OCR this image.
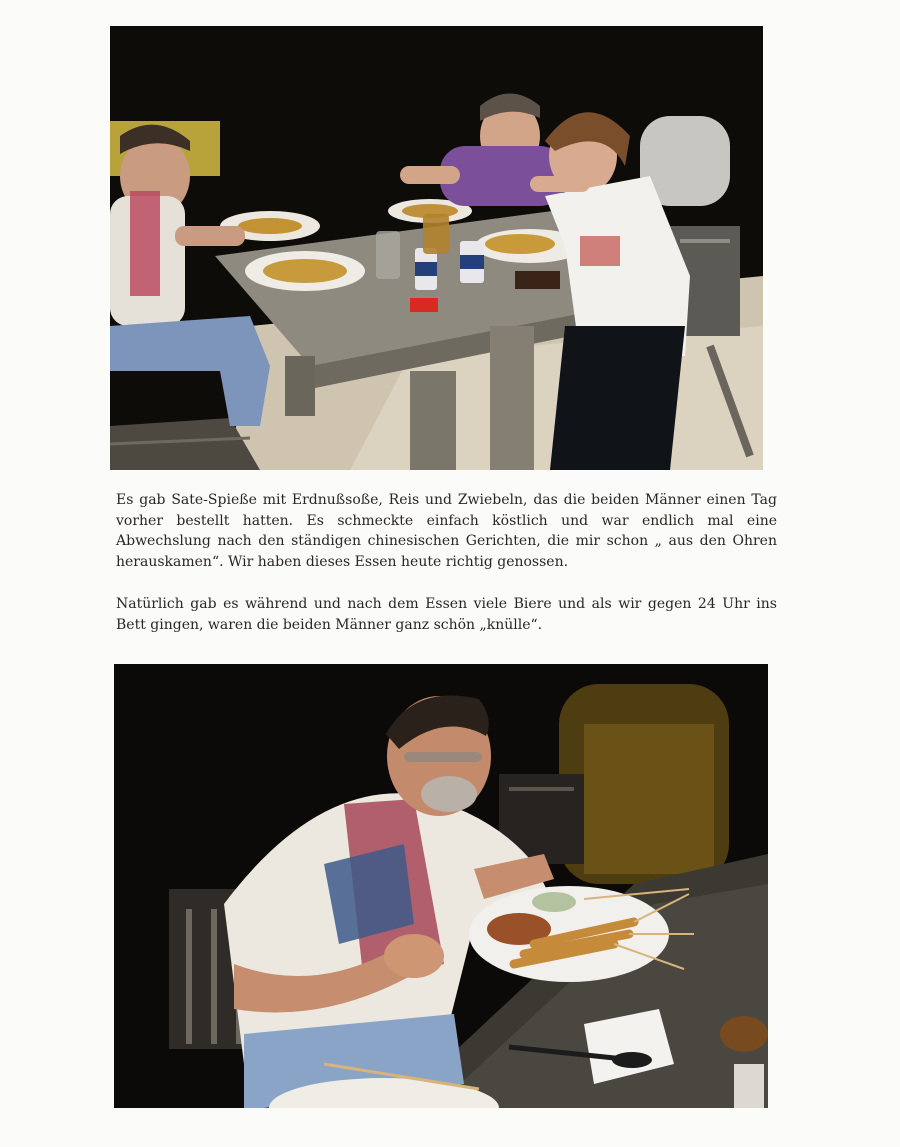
Es gab Sate-Spieße mit Erdnußsoße, Reis und Zwiebeln, das die beiden Männer einen Tag vorher bestellt hatten. Es schmeckte einfach köstlich und war endlich mal eine Abwechslung nach den ständigen chinesischen Gerichten, die mir schon „ aus den Ohren herauskamen“. Wir haben dieses Essen heute richtig genossen.
Natürlich gab es während und nach dem Essen viele Biere und als wir gegen 24 Uhr ins Bett gingen, waren die beiden Männer ganz schön „knülle“.
